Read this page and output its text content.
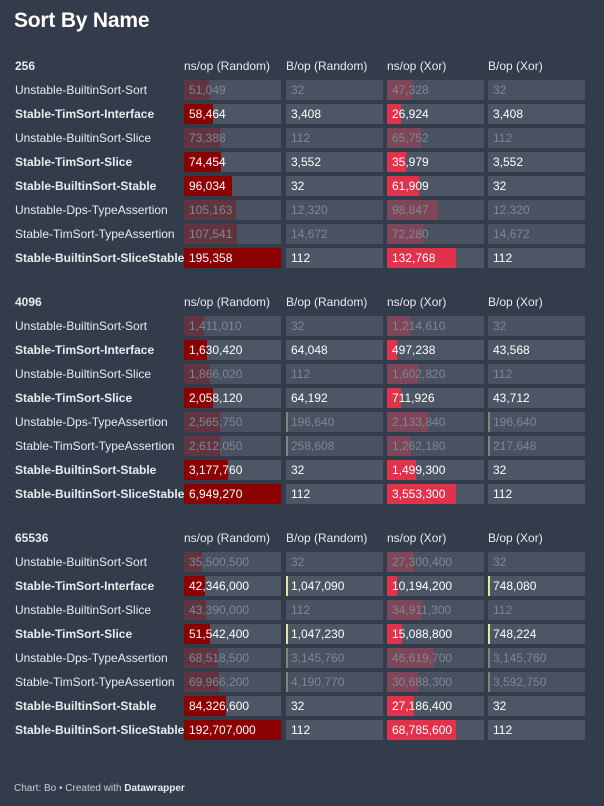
Sort By Name
256	ns/op (Random) B/op (Random) ns/op (Xor)	B/op (Xor)
Unstable-BuiltinSort-Sort	51,049	32	47,328	32
Stable-TimSort-Interface	58,464	3,408	26,924	3,408
Unstable-BuiltinSort-Slice	73,388	112	65,752	112
Stable-TimSort-Slice	74,454	3,552	35,979	3,552
Stable-BuiltinSort-Stable	96,034	32	61,909	32
Unstable-Dps-TypeAssertion 105,163	12,320	98,847	12,320
Stable-TimSort-TypeAssertion 107,541	14,672	72,280	14,672
Stable-BuiltinSort-SliceStable 195,358	112	132,768	112
4096	ns/op (Random) B/op (Random) ns/op (Xor)	B/op (Xor)
Unstable-BuiltinSort-Sort	1,411,010	32	1,214,610	32
Stable-TimSort-Interface	1,630,420	64,048	497,238	43,568
Unstable-BuiltinSort-Slice	1,866,020	112	1,602,820	112
Stable-TimSort-Slice	2,058,120	64,192	711,926	43,712
Unstable-Dps-TypeAssertion 2,565,750	196,640	2,133,840	196,640
Stable-TimSort-TypeAssertion 2,612,050	258,608	1,262,180	217,648
Stable-BuiltinSort-Stable	3,177,760	32	1,499,300	32
Stable-BuiltinSort-SliceStable 6,949,270	112	3,553,300	112
65536	ns/op (Random) B/op (Random) ns/op (Xor)	B/op (Xor)
Unstable-BuiltinSort-Sort	35,500,500	32	27,300,400	32
Stable-TimSort-Interface	42,346,000	1,047,090	10,194,200	748,080
Unstable-BuiltinSort-Slice	43,390,000	112	34,911,300	112
Stable-TimSort-Slice	51,542,400	1,047,230	15,088,800	748,224
Unstable-Dps-TypeAssertion 68,518,500	3,145,760	46,619,700	3,145,760
Stable-TimSort-TypeAssertion 69,966,200	4,190,770	30,688,300	3,592,750
Stable-BuiltinSort-Stable	84,326,600	32	27,186,400	32
Stable-BuiltinSort-SliceStable 192,707,000	112	68,785,600	112
Chart: Bo • Created with Datawrapper
